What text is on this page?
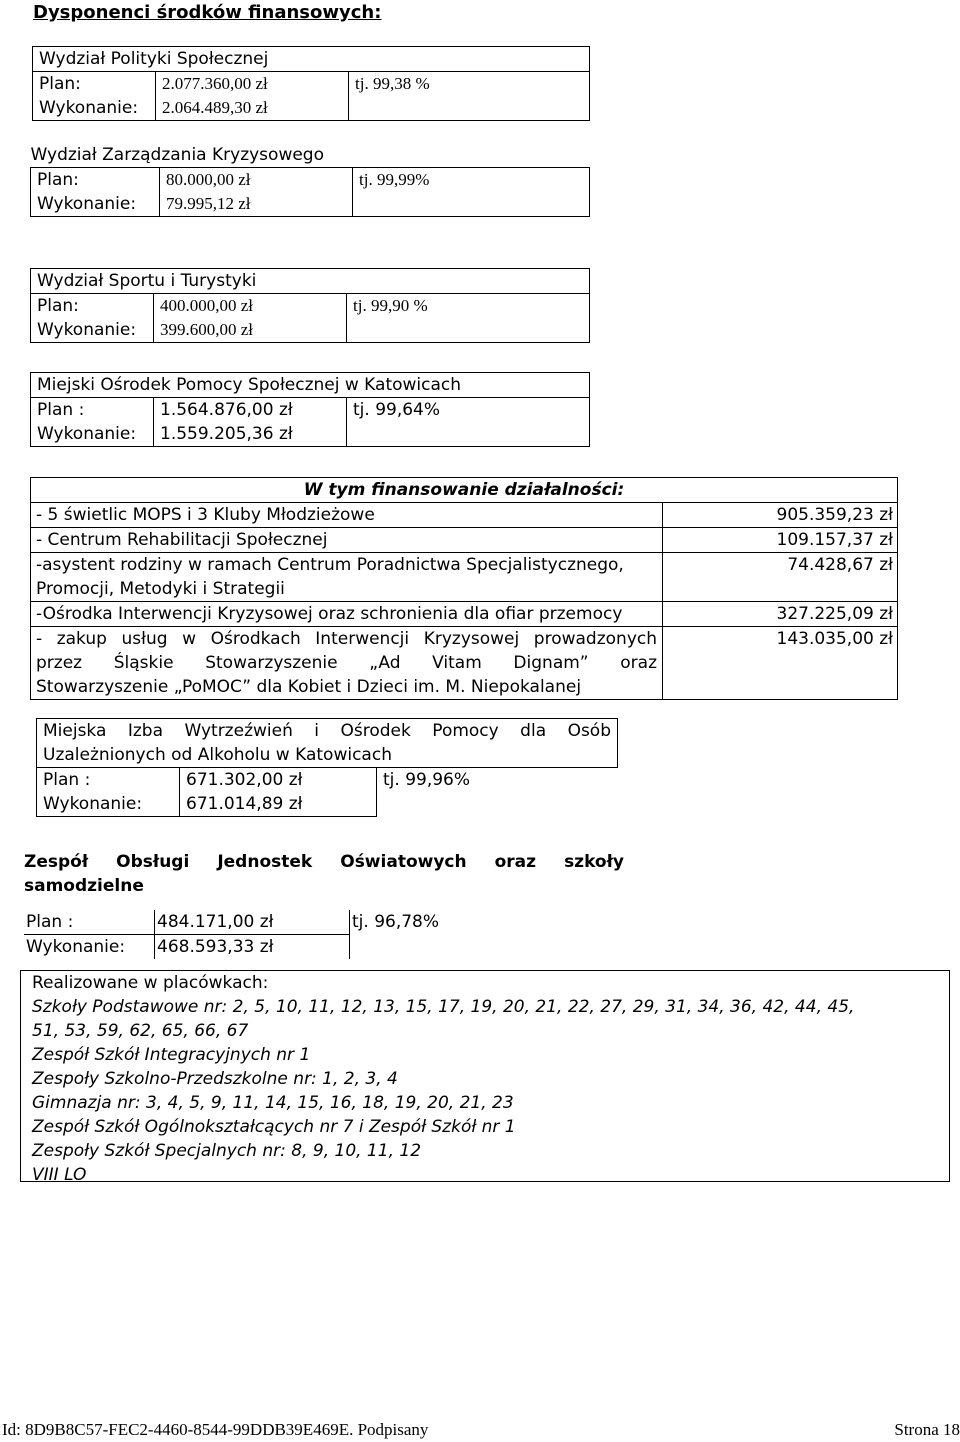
Dysponenci środków finansowych:
Wydział Polityki Społecznej		
Plan:	2.077.360,00 zł	tj. 99,38 %
Wykonanie:	2.064.489,30 zł	
Wydział Zarządzania Kryzysowego		
Plan:	80.000,00 zł	tj. 99,99%
Wykonanie:	79.995,12 zł	
Wydział Sportu i Turystyki		
Plan:	400.000,00 zł	tj. 99,90 %
Wykonanie:	399.600,00 zł	
Miejski Ośrodek Pomocy Społecznej w Katowicach		
Plan :	1.564.876,00 zł	tj. 99,64%
Wykonanie:	1.559.205,36 zł	
W tym finansowanie działalności:	
- 5 świetlic MOPS i 3 Kluby Młodzieżowe	905.359,23 zł
- Centrum Rehabilitacji Społecznej	109.157,37 zł

-asystent rodziny w ramach Centrum Poradnictwa Specjalistycznego,
Promocji, Metodyki i Strategii	74.428,67 zł
-Ośrodka Interwencji Kryzysowej oraz schronienia dla ofiar przemocy	327.225,09 zł

- zakup usług w Ośrodkach Interwencji Kryzysowej prowadzonych
przez Śląskie Stowarzyszenie „Ad Vitam Dignam” oraz
Stowarzyszenie „PoMOC” dla Kobiet i Dzieci im. M. Niepokalanej	143.035,00 zł
Miejska Izba Wytrzeźwień i Ośrodek Pomocy dla Osób		
Uzależnionych od Alkoholu w Katowicach		
Plan :	671.302,00 zł	tj. 99,96%
Wykonanie:	671.014,89 zł	
Zespół Obsługi Jednostek Oświatowych oraz szkoły
samodzielne
Plan :	484.171,00 zł	tj. 96,78%
Wykonanie:	468.593,33 zł	
Realizowane w placówkach:
Szkoły Podstawowe nr: 2, 5, 10, 11, 12, 13, 15, 17, 19, 20, 21, 22, 27, 29, 31, 34, 36, 42, 44, 45,
51, 53, 59, 62, 65, 66, 67
Zespół Szkół Integracyjnych nr 1
Zespoły Szkolno-Przedszkolne nr: 1, 2, 3, 4
Gimnazja nr: 3, 4, 5, 9, 11, 14, 15, 16, 18, 19, 20, 21, 23
Zespół Szkół Ogólnokształcących nr 7 i Zespół Szkół nr 1
Zespoły Szkół Specjalnych nr: 8, 9, 10, 11, 12
VIII LO
Id: 8D9B8C57-FEC2-4460-8544-99DDB39E469E. Podpisany	Strona 18
